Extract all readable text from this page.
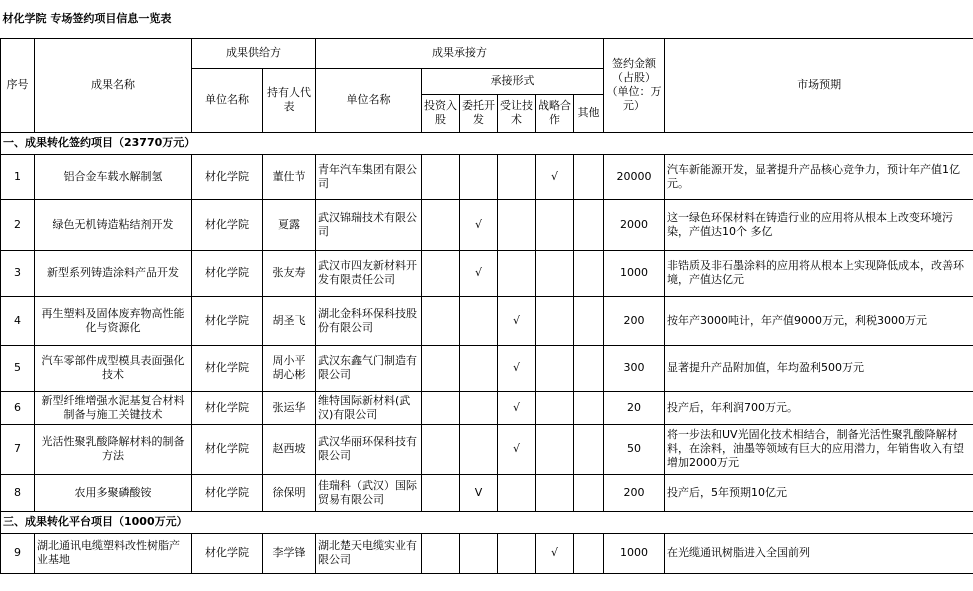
材化学院 专场签约项目信息一览表											
序号	成果名称	成果供给方		成果承接方						签约金额（占股）（单位：万元）	市场预期
		单位名称	持有人代表	单位名称	承接形式						
					投资入股	委托开发	受让技术	战略合作	其他		
一、成果转化签约项目（23770万元）											
1	铝合金车载水解制氢	材化学院	董仕节	青年汽车集团有限公司				√		20000	汽车新能源开发，显著提升产品核心竞争力，预计年产值1亿元。
2	绿色无机铸造粘结剂开发	材化学院	夏露	武汉锦瑞技术有限公司		√				2000	这一绿色环保材料在铸造行业的应用将从根本上改变环境污染，产值达10个 多亿
3	新型系列铸造涂料产品开发	材化学院	张友寿	武汉市四友新材料开发有限责任公司		√				1000	非锆质及非石墨涂料的应用将从根本上实现降低成本，改善环境，产值达亿元
4	再生塑料及固体废弃物高性能化与资源化	材化学院	胡圣飞	湖北金科环保科技股份有限公司			√			200	按年产3000吨计，年产值9000万元，利税3000万元
5	汽车零部件成型模具表面强化技术	材化学院	周小平
胡心彬	武汉东鑫气门制造有限公司			√			300	显著提升产品附加值，年均盈利500万元
6	新型纤维增强水泥基复合材料制备与施工关键技术	材化学院	张运华	维特国际新材料(武汉)有限公司			√			20	投产后，年利润700万元。
7	光活性聚乳酸降解材料的制备方法	材化学院	赵西坡	武汉华丽环保科技有限公司			√			50	将一步法和UV光固化技术相结合，制备光活性聚乳酸降解材料，在涂料，油墨等领域有巨大的应用潜力，年销售收入有望增加2000万元
8	农用多聚磷酸铵	材化学院	徐保明	佳瑞科（武汉）国际贸易有限公司		V				200	投产后，5年预期10亿元
三、成果转化平台项目（1000万元）											
9	湖北通讯电缆塑料改性树脂产业基地	材化学院	李学锋	湖北楚天电缆实业有限公司				√		1000	在光缆通讯树脂进入全国前列
